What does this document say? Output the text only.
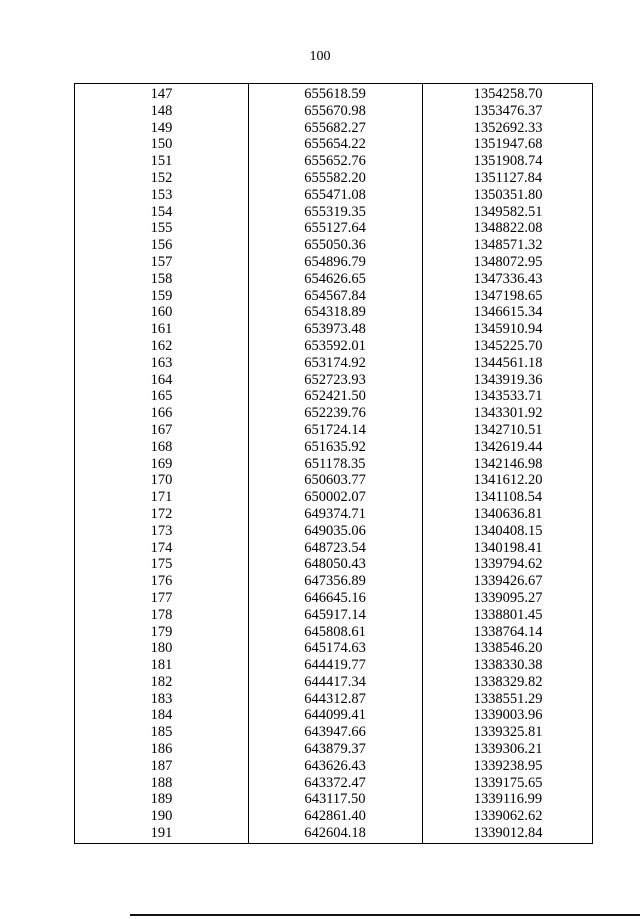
100
147	655618.59	1354258.70
148	655670.98	1353476.37
149	655682.27	1352692.33
150	655654.22	1351947.68
151	655652.76	1351908.74
152	655582.20	1351127.84
153	655471.08	1350351.80
154	655319.35	1349582.51
155	655127.64	1348822.08
156	655050.36	1348571.32
157	654896.79	1348072.95
158	654626.65	1347336.43
159	654567.84	1347198.65
160	654318.89	1346615.34
161	653973.48	1345910.94
162	653592.01	1345225.70
163	653174.92	1344561.18
164	652723.93	1343919.36
165	652421.50	1343533.71
166	652239.76	1343301.92
167	651724.14	1342710.51
168	651635.92	1342619.44
169	651178.35	1342146.98
170	650603.77	1341612.20
171	650002.07	1341108.54
172	649374.71	1340636.81
173	649035.06	1340408.15
174	648723.54	1340198.41
175	648050.43	1339794.62
176	647356.89	1339426.67
177	646645.16	1339095.27
178	645917.14	1338801.45
179	645808.61	1338764.14
180	645174.63	1338546.20
181	644419.77	1338330.38
182	644417.34	1338329.82
183	644312.87	1338551.29
184	644099.41	1339003.96
185	643947.66	1339325.81
186	643879.37	1339306.21
187	643626.43	1339238.95
188	643372.47	1339175.65
189	643117.50	1339116.99
190	642861.40	1339062.62
191	642604.18	1339012.84
